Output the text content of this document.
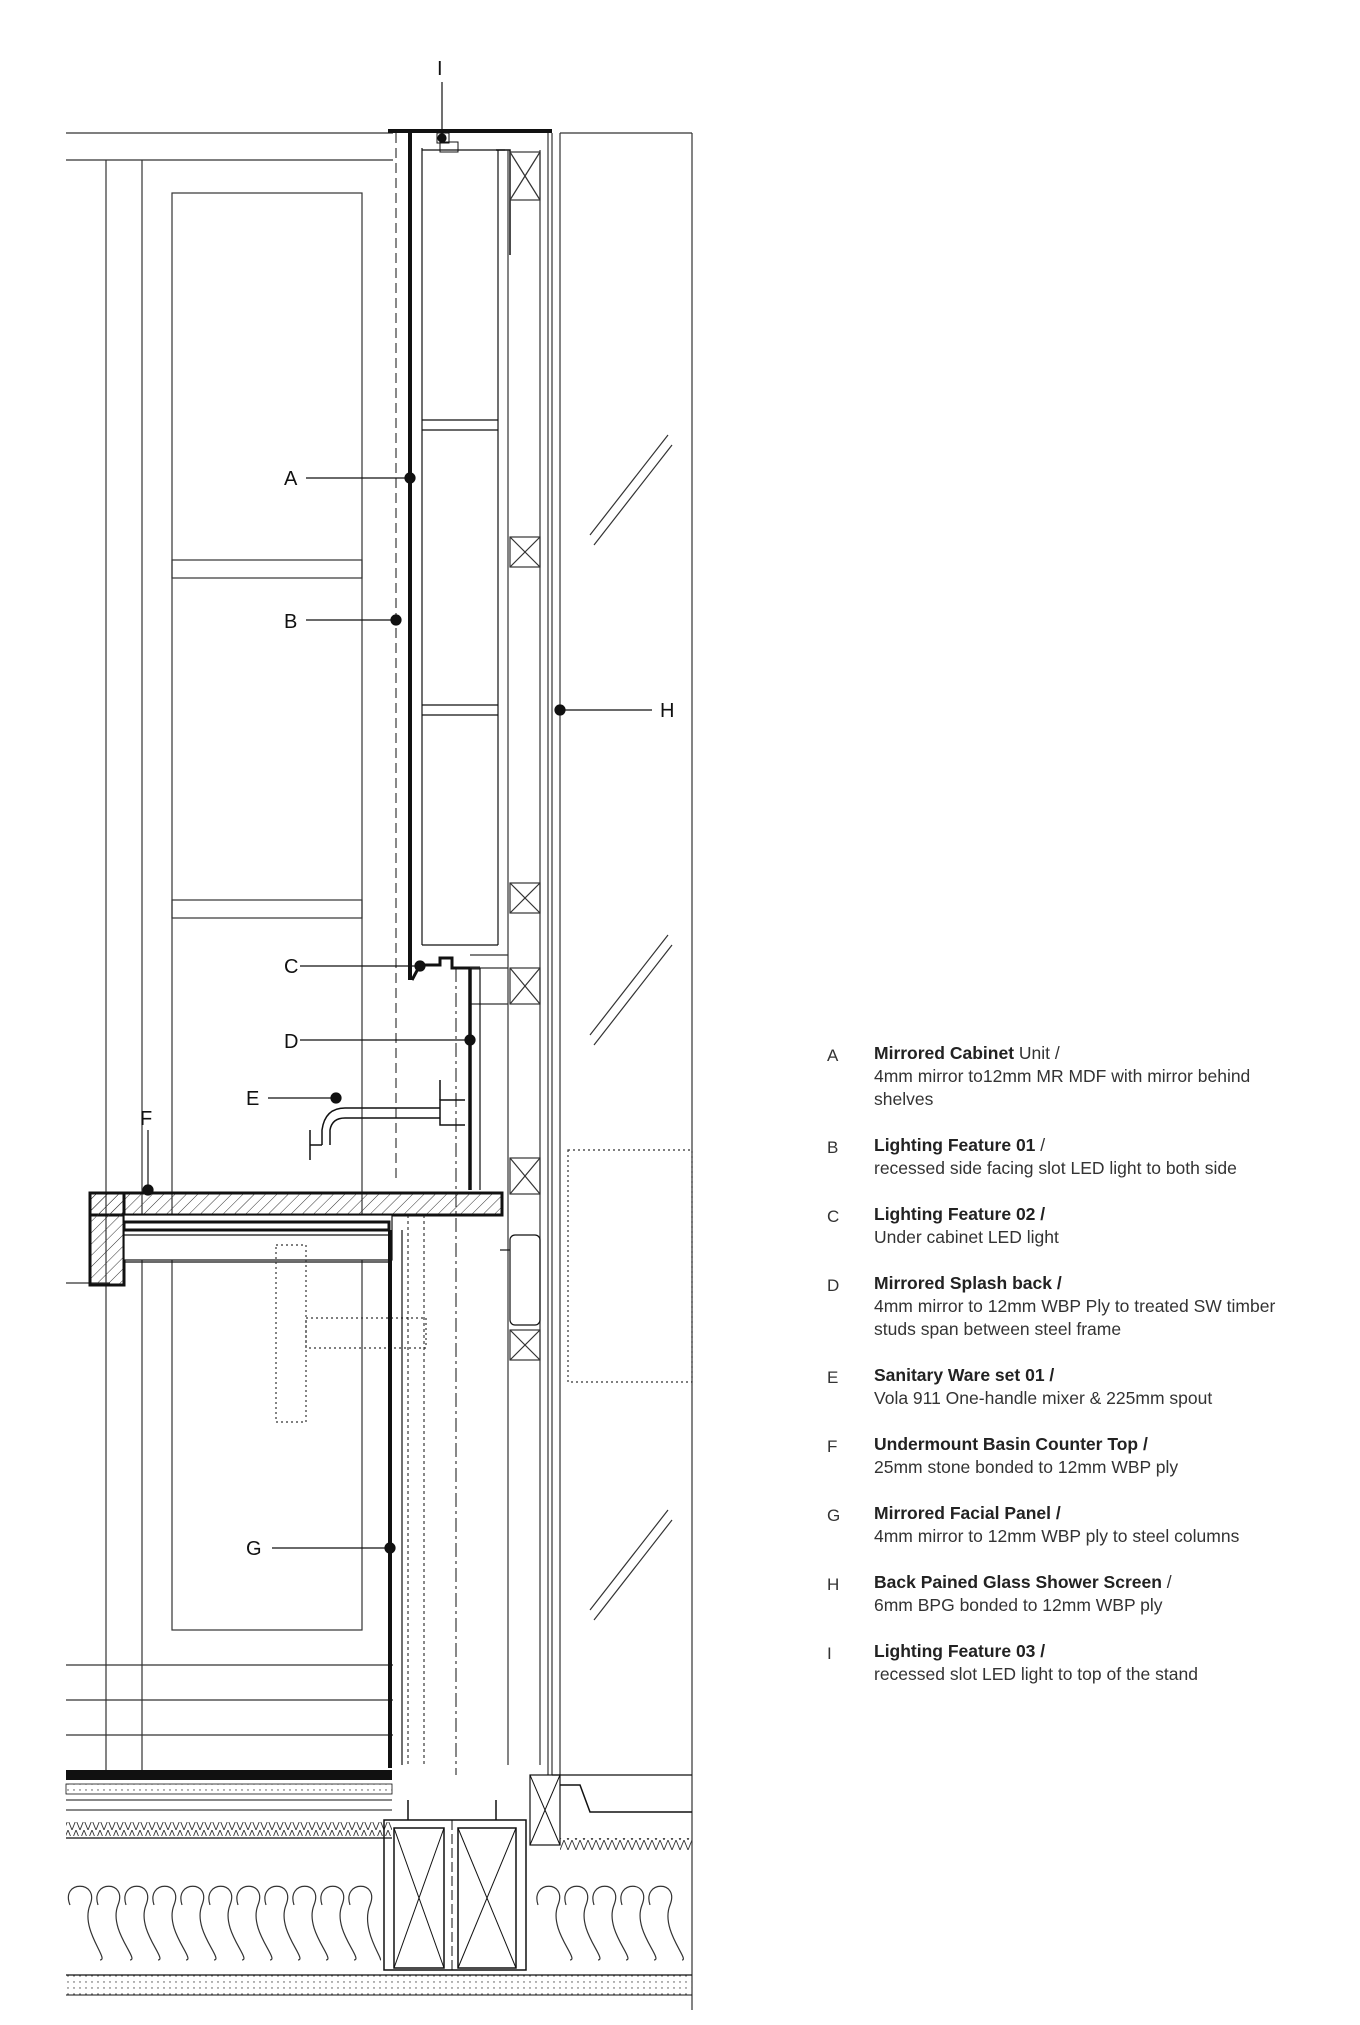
A
B
C
D
E
F
G
H
I
A	Mirrored Cabinet Unit /
4mm mirror to12mm MR MDF with mirror behind shelves
B	Lighting Feature 01 /
recessed side facing slot LED light to both side
C	Lighting Feature 02 /
Under cabinet LED light
D	Mirrored Splash back /
4mm mirror to 12mm WBP Ply to treated SW timber studs span between steel frame
E	Sanitary Ware set 01 /
Vola 911 One-handle mixer & 225mm spout
F	Undermount Basin Counter Top /
25mm stone bonded to 12mm WBP ply
G	Mirrored Facial Panel /
4mm mirror to 12mm WBP ply to steel columns
H	Back Pained Glass Shower Screen /
6mm BPG bonded to 12mm WBP ply
I	Lighting Feature 03 /
recessed slot LED light to top of the stand
